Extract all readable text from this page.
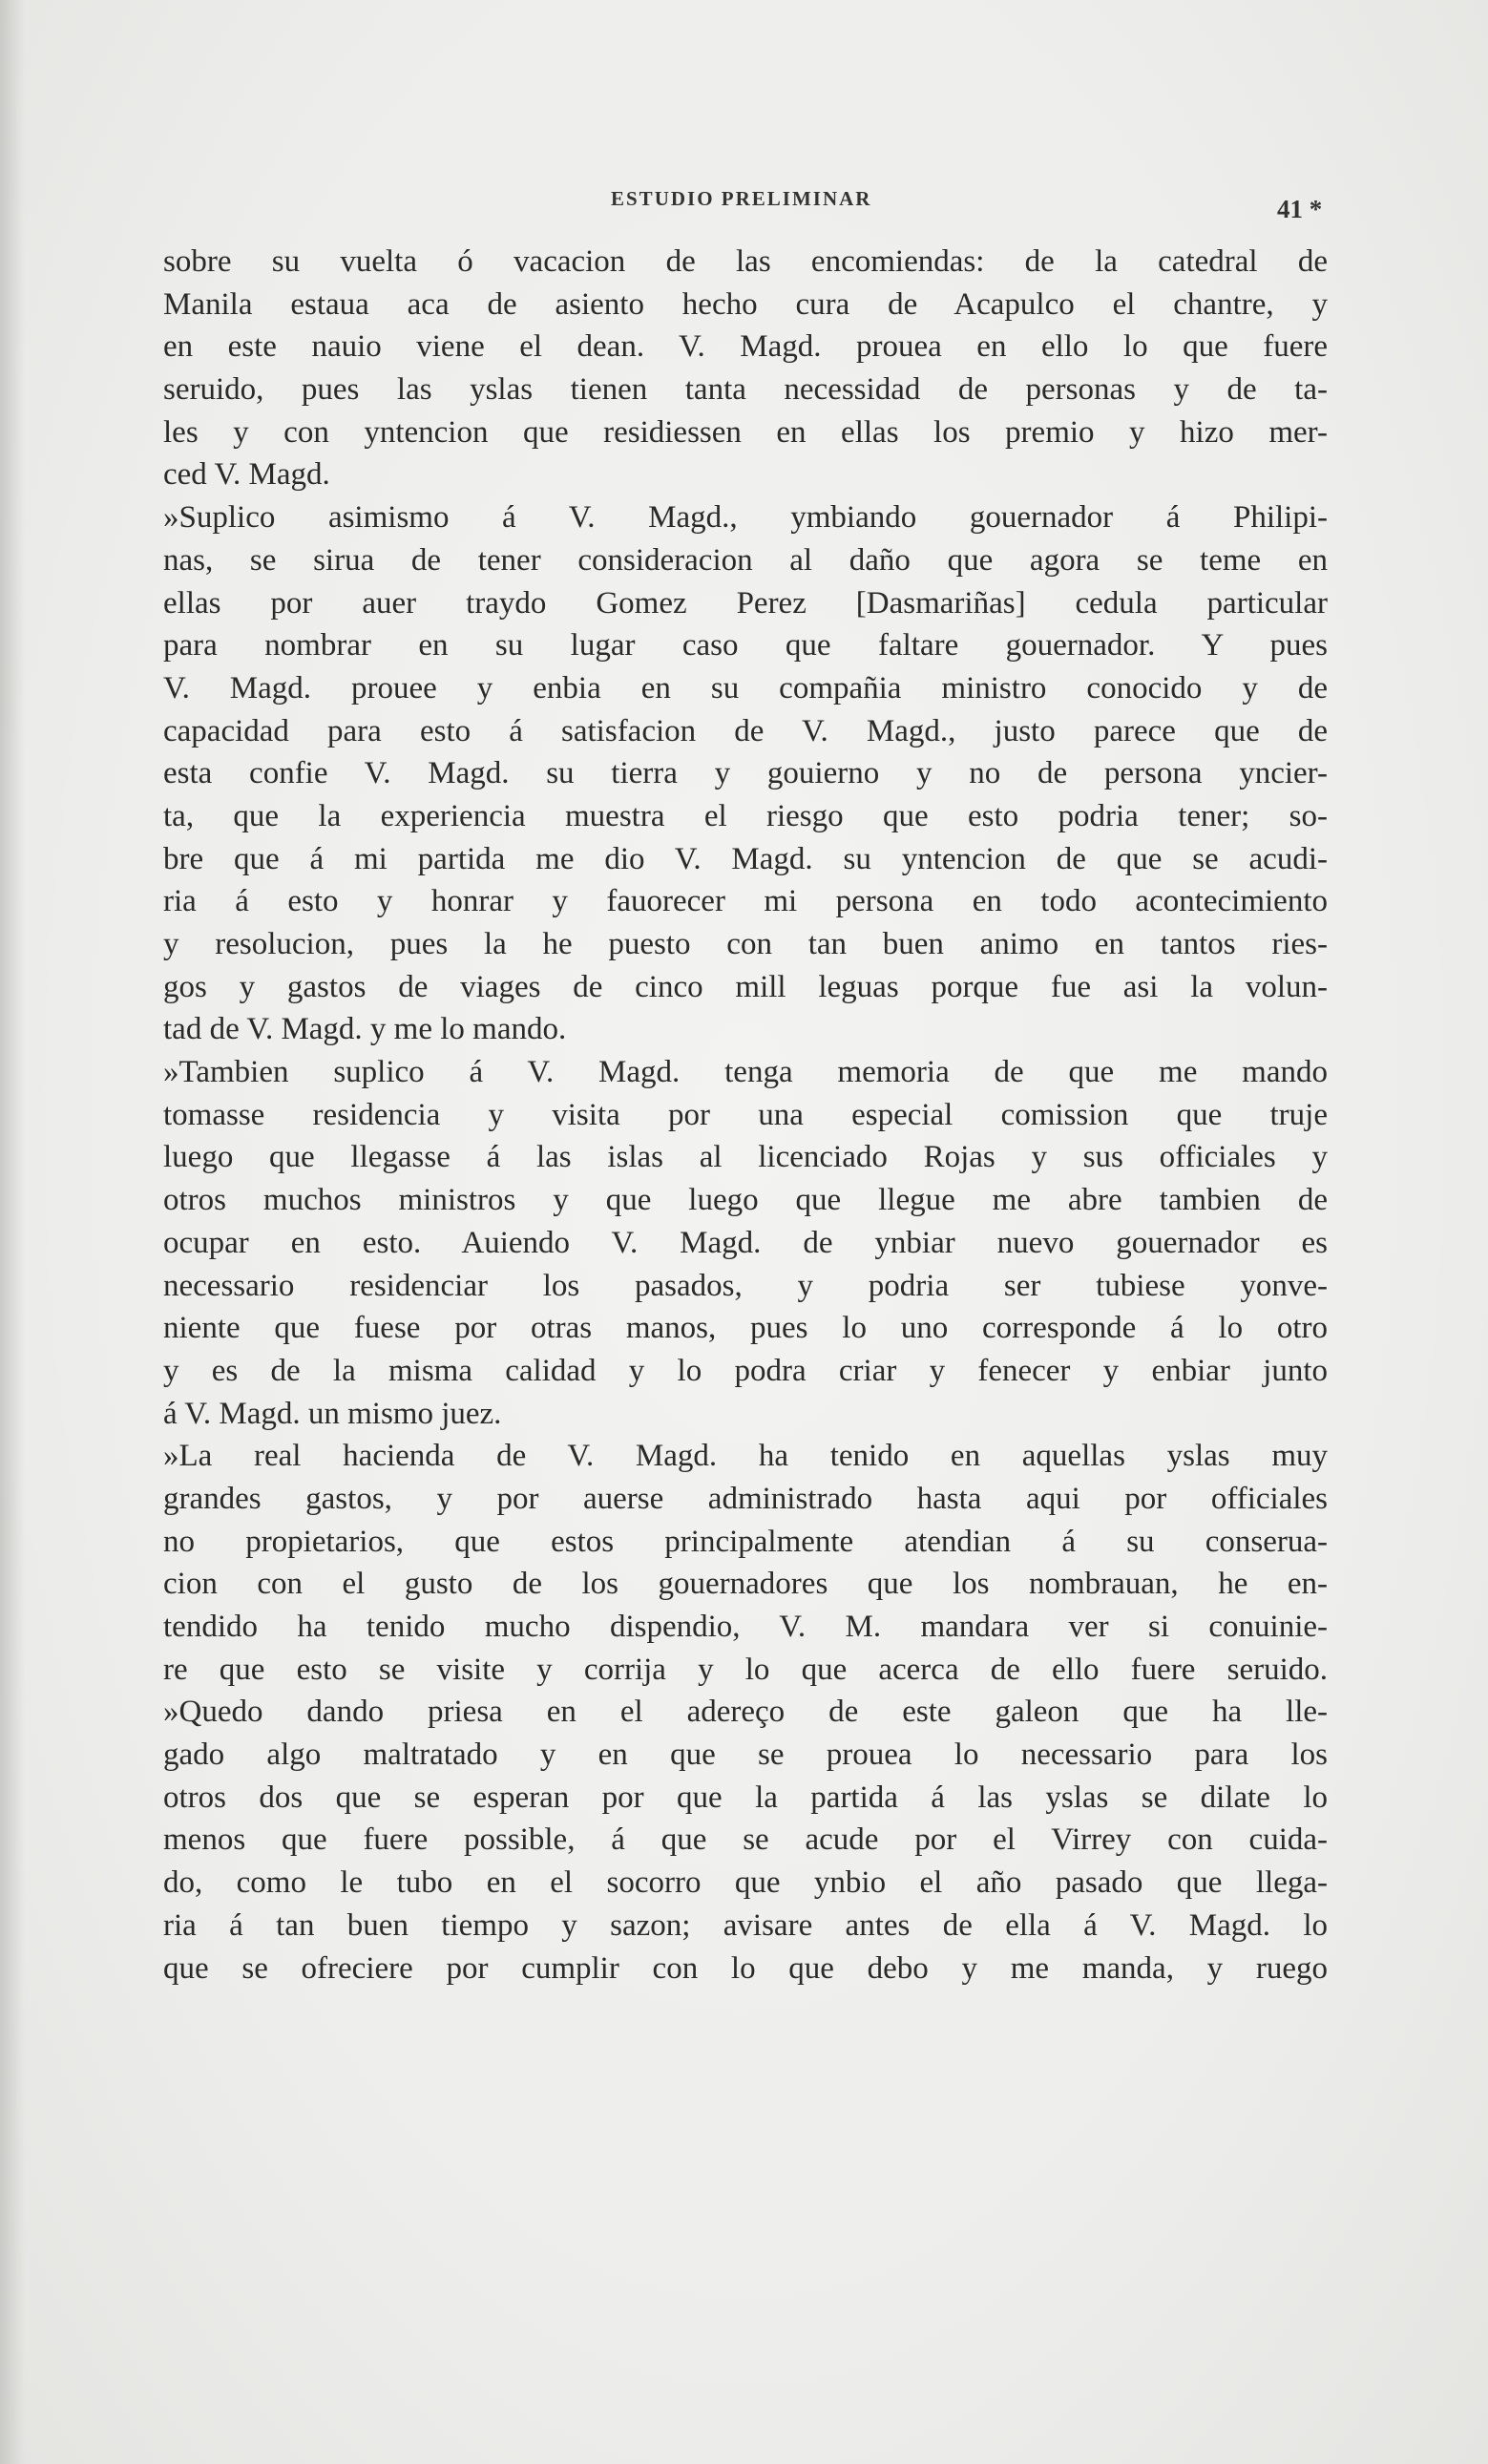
ESTUDIO PRELIMINAR	41 *
sobre su vuelta ó vacacion de las encomiendas: de la catedral de
Manila estaua aca de asiento hecho cura de Acapulco el chantre, y
en este nauio viene el dean. V. Magd. prouea en ello lo que fuere
seruido, pues las yslas tienen tanta necessidad de personas y de ta-
les y con yntencion que residiessen en ellas los premio y hizo mer-
ced V. Magd.
»Suplico asimismo á V. Magd., ymbiando gouernador á Philipi-
nas, se sirua de tener consideracion al daño que agora se teme en
ellas por auer traydo Gomez Perez [Dasmariñas] cedula particular
para nombrar en su lugar caso que faltare gouernador. Y pues
V. Magd. prouee y enbia en su compañia ministro conocido y de
capacidad para esto á satisfacion de V. Magd., justo parece que de
esta confie V. Magd. su tierra y gouierno y no de persona yncier-
ta, que la experiencia muestra el riesgo que esto podria tener; so-
bre que á mi partida me dio V. Magd. su yntencion de que se acudi-
ria á esto y honrar y fauorecer mi persona en todo acontecimiento
y resolucion, pues la he puesto con tan buen animo en tantos ries-
gos y gastos de viages de cinco mill leguas porque fue asi la volun-
tad de V. Magd. y me lo mando.
»Tambien suplico á V. Magd. tenga memoria de que me mando
tomasse residencia y visita por una especial comission que truje
luego que llegasse á las islas al licenciado Rojas y sus officiales y
otros muchos ministros y que luego que llegue me abre tambien de
ocupar en esto. Auiendo V. Magd. de ynbiar nuevo gouernador es
necessario residenciar los pasados, y podria ser tubiese yonve-
niente que fuese por otras manos, pues lo uno corresponde á lo otro
y es de la misma calidad y lo podra criar y fenecer y enbiar junto
á V. Magd. un mismo juez.
»La real hacienda de V. Magd. ha tenido en aquellas yslas muy
grandes gastos, y por auerse administrado hasta aqui por officiales
no propietarios, que estos principalmente atendian á su conserua-
cion con el gusto de los gouernadores que los nombrauan, he en-
tendido ha tenido mucho dispendio, V. M. mandara ver si conuinie-
re que esto se visite y corrija y lo que acerca de ello fuere seruido.
»Quedo dando priesa en el adereço de este galeon que ha lle-
gado algo maltratado y en que se prouea lo necessario para los
otros dos que se esperan por que la partida á las yslas se dilate lo
menos que fuere possible, á que se acude por el Virrey con cuida-
do, como le tubo en el socorro que ynbio el año pasado que llega-
ria á tan buen tiempo y sazon; avisare antes de ella á V. Magd. lo
que se ofreciere por cumplir con lo que debo y me manda, y ruego
